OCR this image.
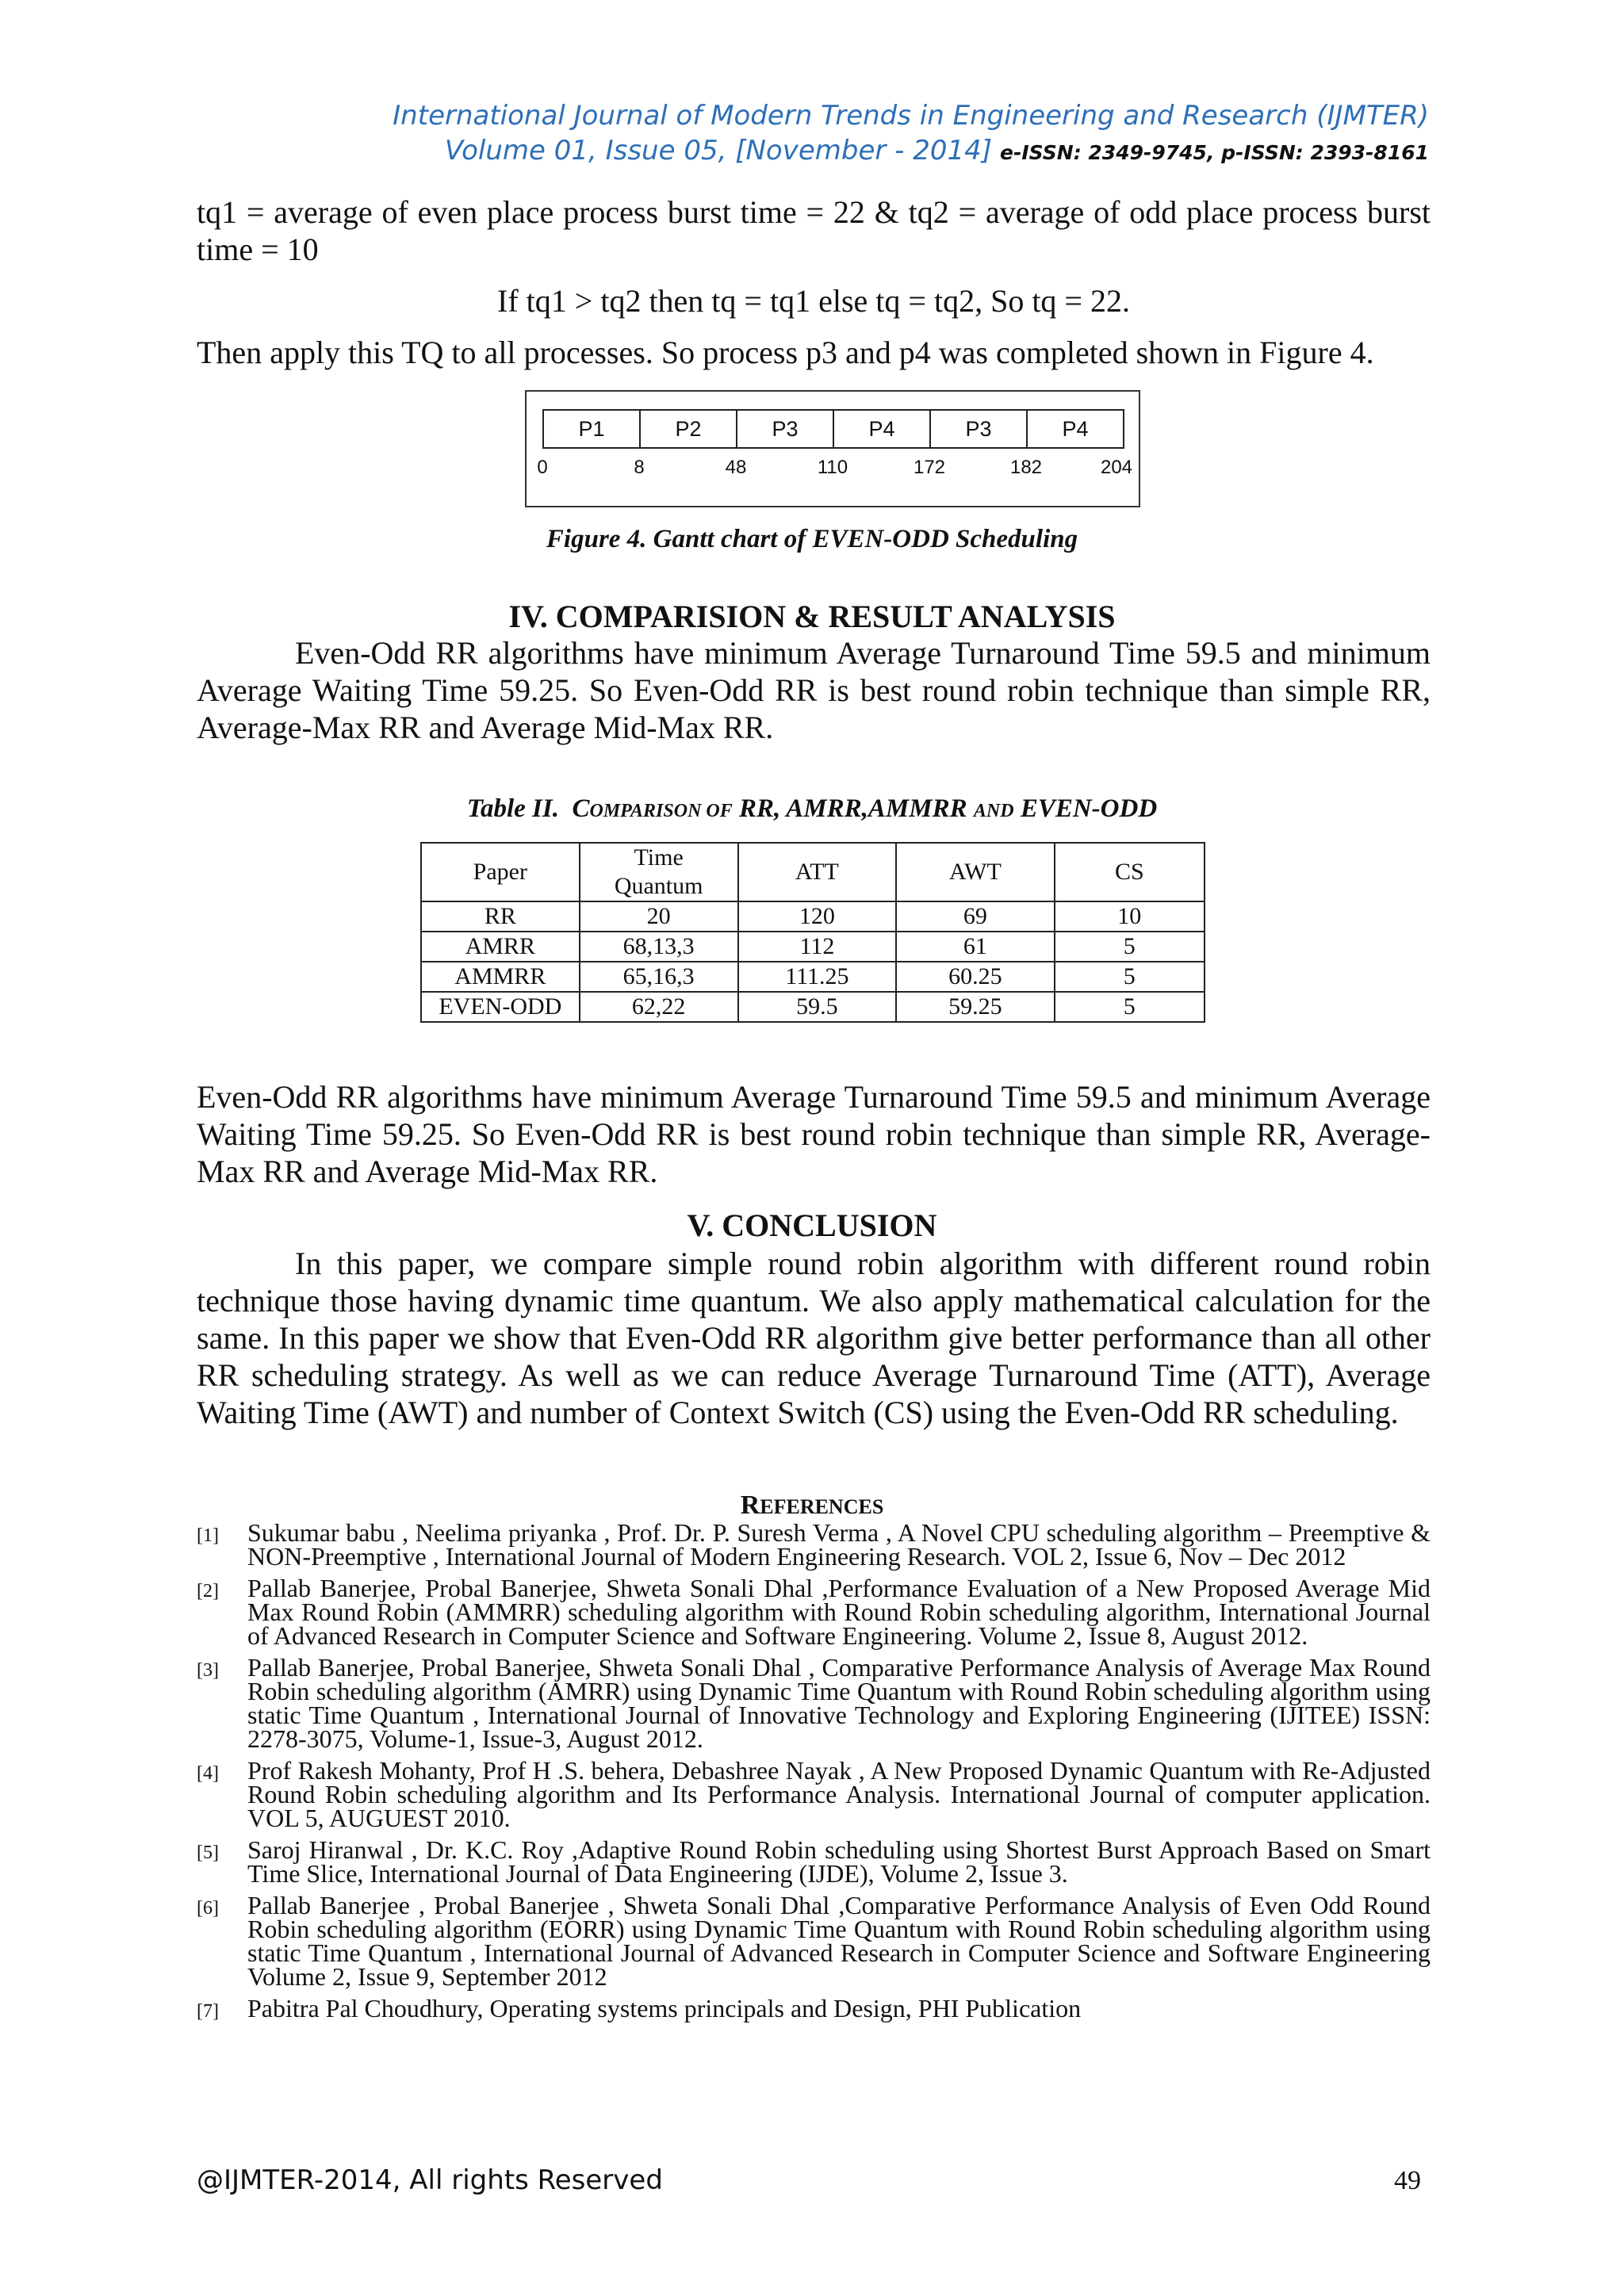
International Journal of Modern Trends in Engineering and Research (IJMTER)
Volume 01, Issue 05, [November - 2014] e-ISSN: 2349-9745, p-ISSN: 2393-8161

tq1 = average of even place process burst time = 22 & tq2 = average of odd place process burst time = 10

If tq1 > tq2 then tq = tq1 else tq = tq2, So tq = 22.

Then apply this TQ to all processes. So process p3 and p4 was completed shown in Figure 4.

P1	P2	P3	P4	P3	P4
0	8	48	110	172	182	204
Figure 4. Gantt chart of EVEN-ODD Scheduling
IV. COMPARISION & RESULT ANALYSIS

Even-Odd RR algorithms have minimum Average Turnaround Time 59.5 and minimum Average Waiting Time 59.25. So Even-Odd RR is best round robin technique than simple RR, Average-Max RR and Average Mid-Max RR.

Table II. COMPARISON OF RR, AMRR,AMMRR AND EVEN-ODD
Paper	Time Quantum	ATT	AWT	CS
RR	20	120	69	10
AMRR	68,13,3	112	61	5
AMMRR	65,16,3	111.25	60.25	5
EVEN-ODD	62,22	59.5	59.25	5

Even-Odd RR algorithms have minimum Average Turnaround Time 59.5 and minimum Average Waiting Time 59.25. So Even-Odd RR is best round robin technique than simple RR, Average-Max RR and Average Mid-Max RR.

V. CONCLUSION

In this paper, we compare simple round robin algorithm with different round robin technique those having dynamic time quantum. We also apply mathematical calculation for the same. In this paper we show that Even-Odd RR algorithm give better performance than all other RR scheduling strategy. As well as we can reduce Average Turnaround Time (ATT), Average Waiting Time (AWT) and number of Context Switch (CS) using the Even-Odd RR scheduling.

REFERENCES
[1]	Sukumar babu , Neelima priyanka , Prof. Dr. P. Suresh Verma , A Novel CPU scheduling algorithm – Preemptive & NON-Preemptive , International Journal of Modern Engineering Research. VOL 2, Issue 6, Nov – Dec 2012
[2]	Pallab Banerjee, Probal Banerjee, Shweta Sonali Dhal ,Performance Evaluation of a New Proposed Average Mid Max Round Robin (AMMRR) scheduling algorithm with Round Robin scheduling algorithm, International Journal of Advanced Research in Computer Science and Software Engineering. Volume 2, Issue 8, August 2012.
[3]	Pallab Banerjee, Probal Banerjee, Shweta Sonali Dhal , Comparative Performance Analysis of Average Max Round Robin scheduling algorithm (AMRR) using Dynamic Time Quantum with Round Robin scheduling algorithm using static Time Quantum , International Journal of Innovative Technology and Exploring Engineering (IJITEE) ISSN: 2278-3075, Volume-1, Issue-3, August 2012.
[4]	Prof Rakesh Mohanty, Prof H .S. behera, Debashree Nayak , A New Proposed Dynamic Quantum with Re-Adjusted Round Robin scheduling algorithm and Its Performance Analysis. International Journal of computer application. VOL 5, AUGUEST 2010.
[5]	Saroj Hiranwal , Dr. K.C. Roy ,Adaptive Round Robin scheduling using Shortest Burst Approach Based on Smart Time Slice, International Journal of Data Engineering (IJDE), Volume 2, Issue 3.
[6]	Pallab Banerjee , Probal Banerjee , Shweta Sonali Dhal ,Comparative Performance Analysis of Even Odd Round Robin scheduling algorithm (EORR) using Dynamic Time Quantum with Round Robin scheduling algorithm using static Time Quantum , International Journal of Advanced Research in Computer Science and Software Engineering Volume 2, Issue 9, September 2012
[7]	Pabitra Pal Choudhury, Operating systems principals and Design, PHI Publication
@IJMTER-2014, All rights Reserved	49
